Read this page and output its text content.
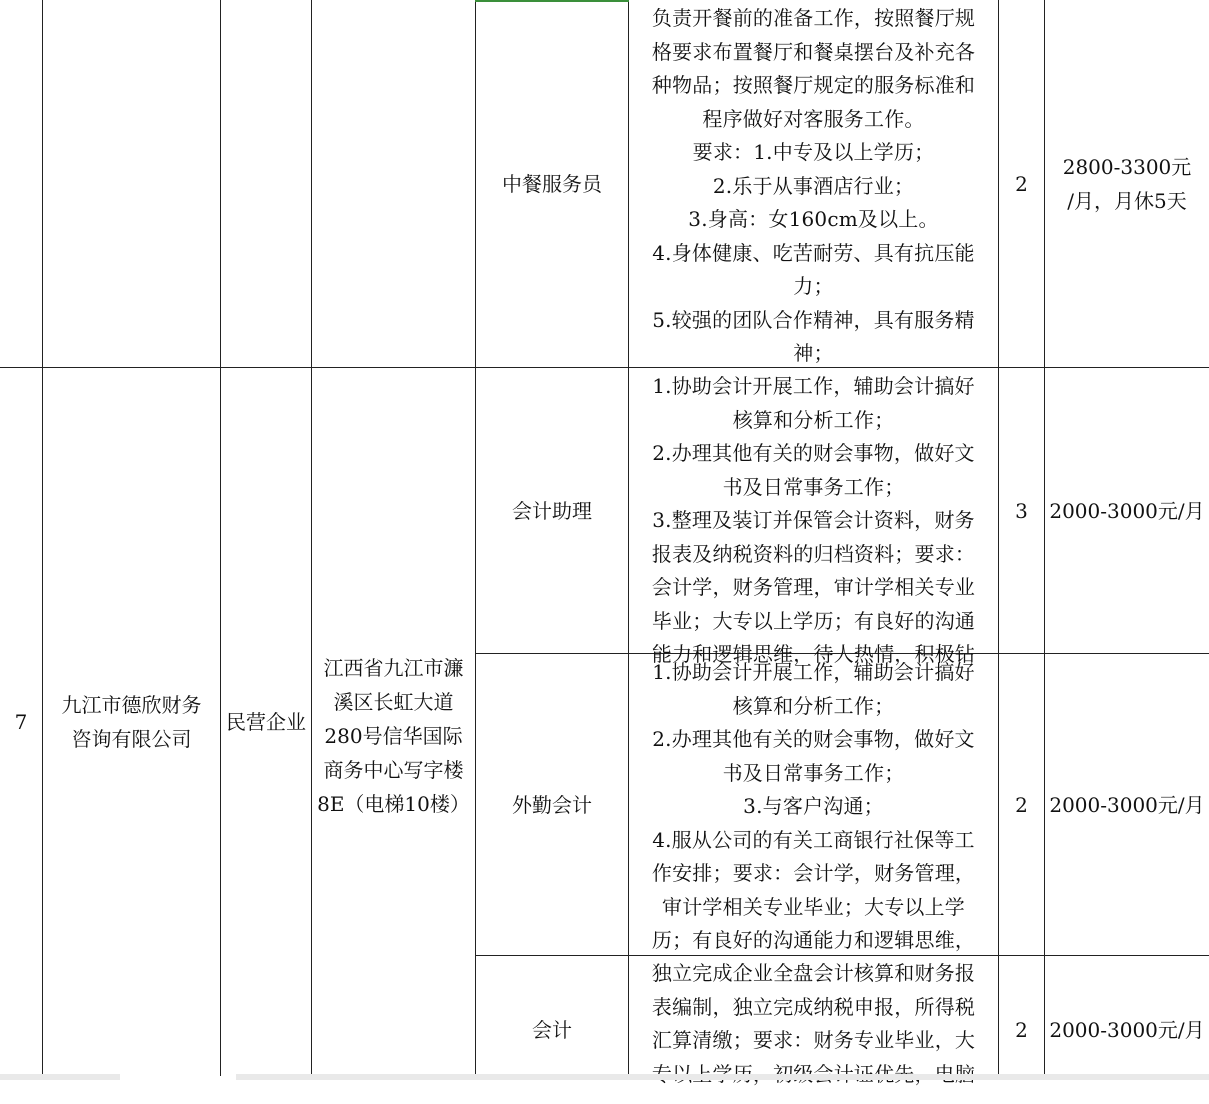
中餐服务员
负责开餐前的准备工作，按照餐厅规
格要求布置餐厅和餐桌摆台及补充各
种物品；按照餐厅规定的服务标准和
程序做好对客服务工作。
要求：1.中专及以上学历；
2.乐于从事酒店行业；
3.身高：女160cm及以上。
4.身体健康、吃苦耐劳、具有抗压能
力；
5.较强的团队合作精神，具有服务精
神；
2
2800-3300元
/月，月休5天
7
九江市德欣财务
咨询有限公司
民营企业
江西省九江市濂
溪区长虹大道
280号信华国际
商务中心写字楼
8E（电梯10楼）
会计助理
1.协助会计开展工作，辅助会计搞好
核算和分析工作；
2.办理其他有关的财会事物，做好文
书及日常事务工作；
3.整理及装订并保管会计资料，财务
报表及纳税资料的归档资料；要求：
会计学，财务管理，审计学相关专业
毕业；大专以上学历；有良好的沟通
能力和逻辑思维，待人热情，积极钻
3 2000-3000元/月
外勤会计
1.协助会计开展工作，辅助会计搞好
核算和分析工作；
2.办理其他有关的财会事物，做好文
书及日常事务工作；
3.与客户沟通；
4.服从公司的有关工商银行社保等工
作安排；要求：会计学，财务管理，
审计学相关专业毕业；大专以上学
历；有良好的沟通能力和逻辑思维，
2 2000-3000元/月
会计
独立完成企业全盘会计核算和财务报
表编制，独立完成纳税申报，所得税
汇算清缴；要求：财务专业毕业，大	2 2000-3000元/月
